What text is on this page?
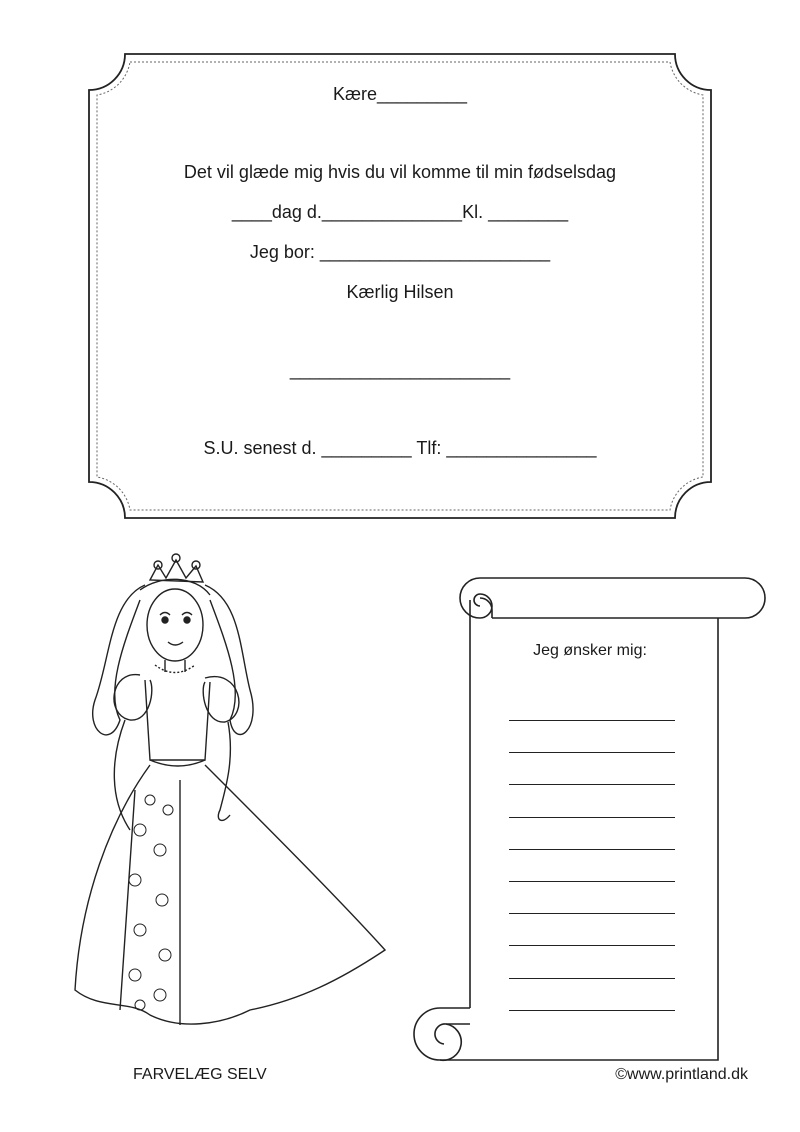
Kære_________
Det vil glæde mig hvis du vil komme til min fødselsdag
____dag d.______________Kl. ________
Jeg bor: _______________________
Kærlig Hilsen
______________________
S.U. senest d. _________ Tlf: _______________
Jeg ønsker mig:
FARVELÆG SELV	©www.printland.dk
